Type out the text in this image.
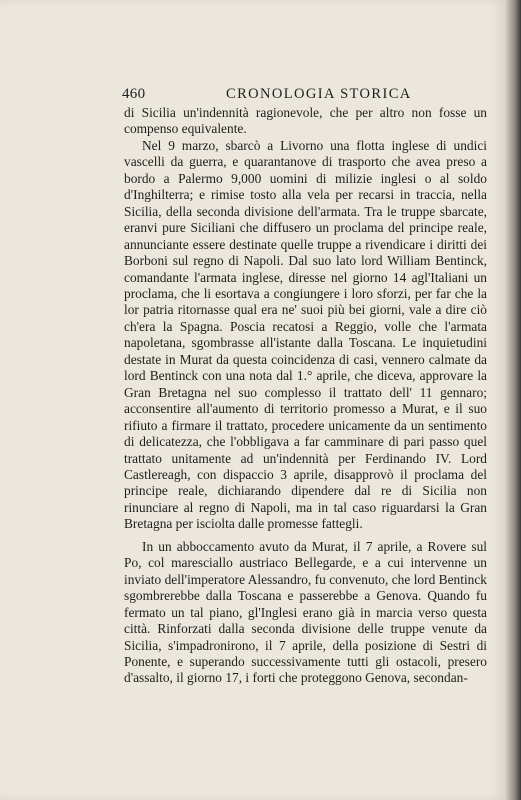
460	CRONOLOGIA STORICA

di Sicilia un'indennità ragionevole, che per altro non fosse un compenso equivalente.

Nel 9 marzo, sbarcò a Livorno una flotta inglese di undici vascelli da guerra, e quarantanove di trasporto che avea preso a bordo a Palermo 9,000 uomini di milizie inglesi o al soldo d'Inghilterra; e rimise tosto alla vela per recarsi in traccia, nella Sicilia, della seconda divisione dell'armata. Tra le truppe sbarcate, eranvi pure Siciliani che diffusero un proclama del principe reale, annunciante essere destinate quelle truppe a rivendicare i diritti dei Borboni sul regno di Napoli. Dal suo lato lord William Bentinck, comandante l'armata inglese, diresse nel giorno 14 agl'Italiani un proclama, che li esortava a congiungere i loro sforzi, per far che la lor patria ritornasse qual era ne' suoi più bei giorni, vale a dire ciò ch'era la Spagna. Poscia recatosi a Reggio, volle che l'armata napoletana, sgombrasse all'istante dalla Toscana. Le inquietudini destate in Murat da questa coincidenza di casi, vennero calmate da lord Bentinck con una nota dal 1.° aprile, che diceva, approvare la Gran Bretagna nel suo complesso il trattato dell' 11 gennaro; acconsentire all'aumento di territorio promesso a Murat, e il suo rifiuto a firmare il trattato, procedere unicamente da un sentimento di delicatezza, che l'obbligava a far camminare di pari passo quel trattato unitamente ad un'indennità per Ferdinando IV. Lord Castlereagh, con dispaccio 3 aprile, disapprovò il proclama del principe reale, dichiarando dipendere dal re di Sicilia non rinunciare al regno di Napoli, ma in tal caso riguardarsi la Gran Bretagna per isciolta dalle promesse fattegli.

In un abboccamento avuto da Murat, il 7 aprile, a Rovere sul Po, col maresciallo austriaco Bellegarde, e a cui intervenne un inviato dell'imperatore Alessandro, fu convenuto, che lord Bentinck sgombrerebbe dalla Toscana e passerebbe a Genova. Quando fu fermato un tal piano, gl'Inglesi erano già in marcia verso questa città. Rinforzati dalla seconda divisione delle truppe venute da Sicilia, s'impadronirono, il 7 aprile, della posizione di Sestri di Ponente, e superando successivamente tutti gli ostacoli, presero d'assalto, il giorno 17, i forti che proteggono Genova, secondan-
